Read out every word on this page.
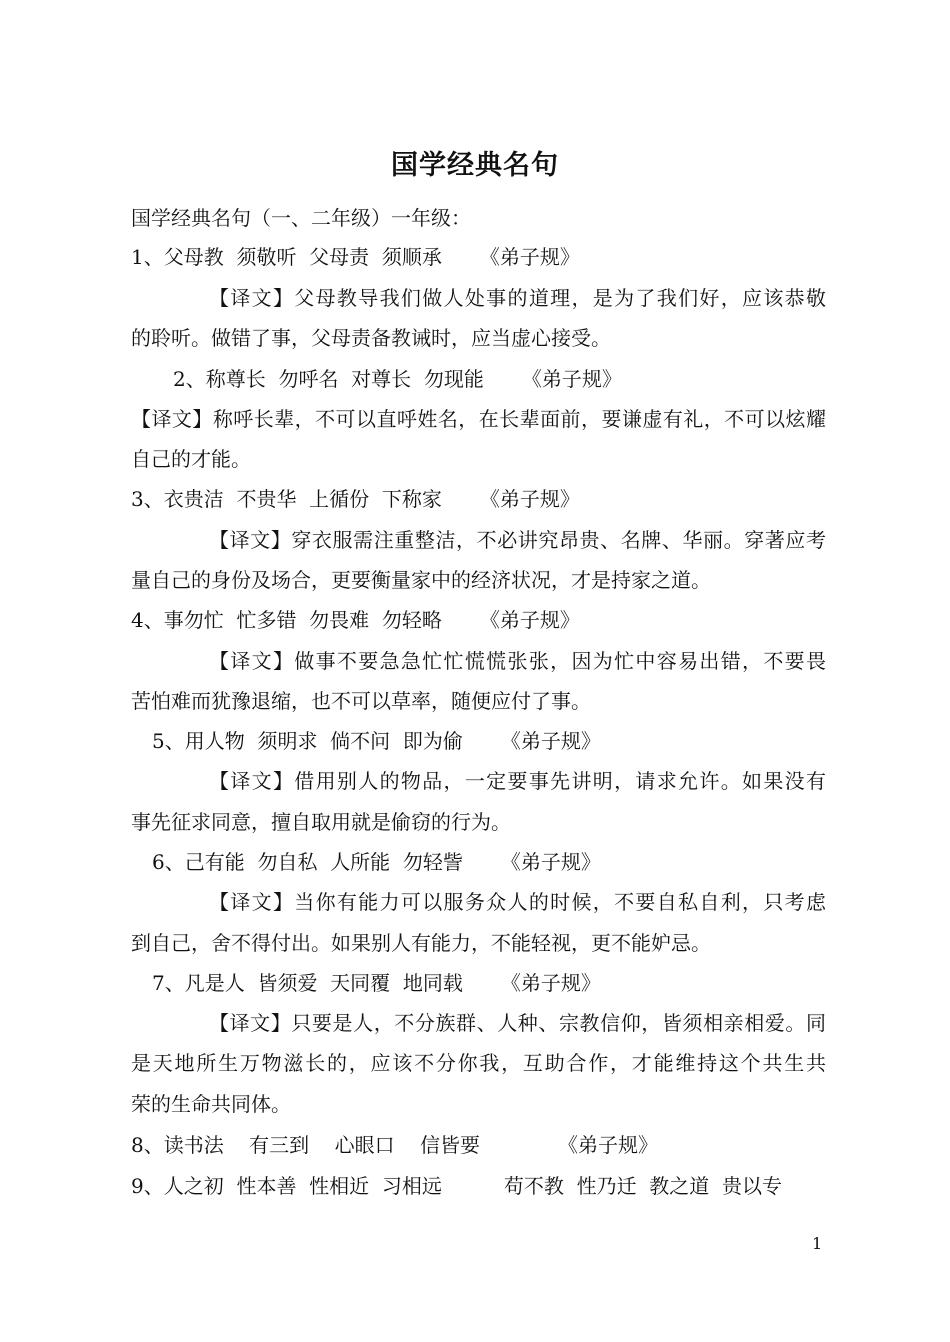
国学经典名句
国学经典名句（一、二年级）一年级：
1、父母教  须敬听  父母责  须顺承 《弟子规》
【译文】父母教导我们做人处事的道理，是为了我们好，应该恭敬
的聆听。做错了事，父母责备教诫时，应当虚心接受。
2、称尊长  勿呼名  对尊长  勿现能 《弟子规》
【译文】称呼长辈，不可以直呼姓名，在长辈面前，要谦虚有礼，不可以炫耀
自己的才能。
3、衣贵洁  不贵华  上循份  下称家 《弟子规》
【译文】穿衣服需注重整洁，不必讲究昂贵、名牌、华丽。穿著应考
量自己的身份及场合，更要衡量家中的经济状况，才是持家之道。
4、事勿忙  忙多错  勿畏难  勿轻略 《弟子规》
【译文】做事不要急急忙忙慌慌张张，因为忙中容易出错，不要畏
苦怕难而犹豫退缩，也不可以草率，随便应付了事。
5、用人物  须明求  倘不问  即为偷 《弟子规》
【译文】借用别人的物品，一定要事先讲明，请求允许。如果没有
事先征求同意，擅自取用就是偷窃的行为。
6、己有能  勿自私  人所能  勿轻訾 《弟子规》
【译文】当你有能力可以服务众人的时候，不要自私自利，只考虑
到自己，舍不得付出。如果别人有能力，不能轻视，更不能妒忌。
7、凡是人  皆须爱  天同覆  地同载 《弟子规》
【译文】只要是人，不分族群、人种、宗教信仰，皆须相亲相爱。同
是天地所生万物滋长的，应该不分你我，互助合作，才能维持这个共生共
荣的生命共同体。
8、读书法    有三到    心眼口    信皆要	《弟子规》
9、人之初  性本善  性相近  习相远	苟不教  性乃迁  教之道  贵以专
1
